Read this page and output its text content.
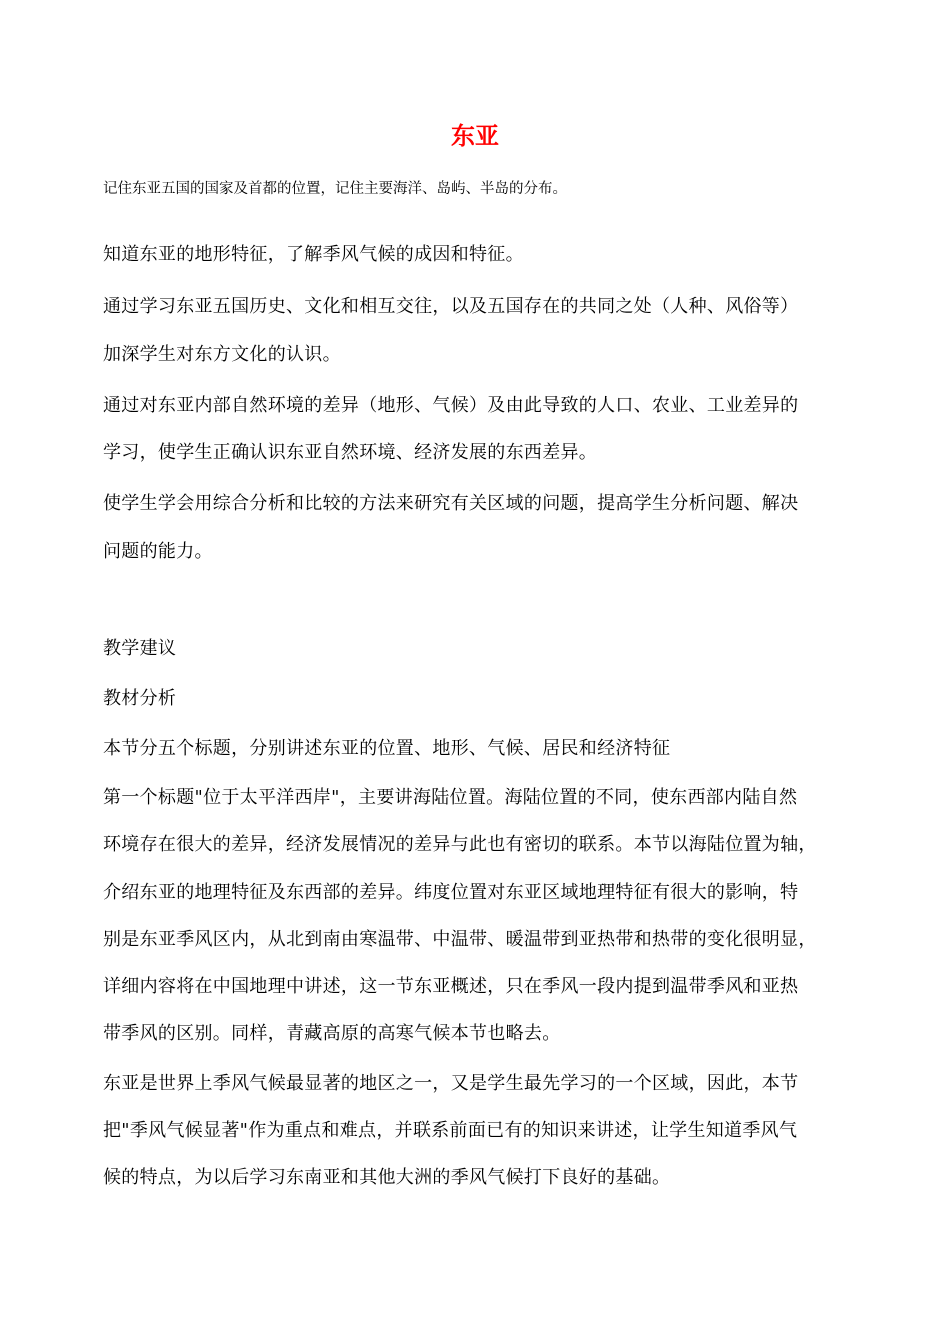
东亚
记住东亚五国的国家及首都的位置，记住主要海洋、岛屿、半岛的分布。
知道东亚的地形特征，了解季风气候的成因和特征。
通过学习东亚五国历史、文化和相互交往，以及五国存在的共同之处（人种、风俗等）
加深学生对东方文化的认识。
通过对东亚内部自然环境的差异（地形、气候）及由此导致的人口、农业、工业差异的
学习，使学生正确认识东亚自然环境、经济发展的东西差异。
使学生学会用综合分析和比较的方法来研究有关区域的问题，提高学生分析问题、解决
问题的能力。
教学建议
教材分析
本节分五个标题，分别讲述东亚的位置、地形、气候、居民和经济特征
第一个标题"位于太平洋西岸"，主要讲海陆位置。海陆位置的不同，使东西部内陆自然
环境存在很大的差异，经济发展情况的差异与此也有密切的联系。本节以海陆位置为轴，
介绍东亚的地理特征及东西部的差异。纬度位置对东亚区域地理特征有很大的影响，特
别是东亚季风区内，从北到南由寒温带、中温带、暖温带到亚热带和热带的变化很明显，
详细内容将在中国地理中讲述，这一节东亚概述，只在季风一段内提到温带季风和亚热
带季风的区别。同样，青藏高原的高寒气候本节也略去。
东亚是世界上季风气候最显著的地区之一，又是学生最先学习的一个区域，因此，本节
把"季风气候显著"作为重点和难点，并联系前面已有的知识来讲述，让学生知道季风气
候的特点，为以后学习东南亚和其他大洲的季风气候打下良好的基础。
